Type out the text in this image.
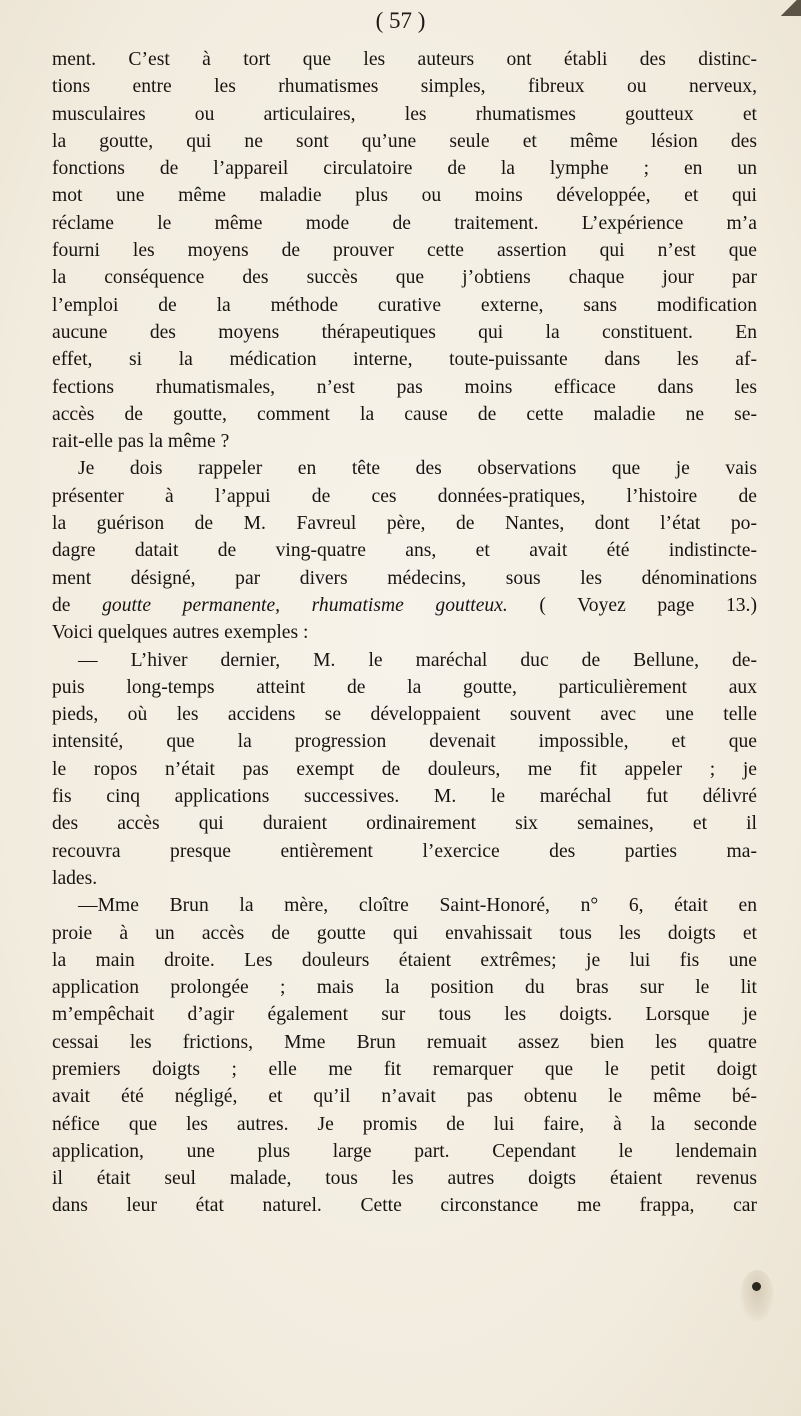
( 57 )
ment. C’est à tort que les auteurs ont établi des distinc-
tions entre les rhumatismes simples, fibreux ou nerveux,
musculaires ou articulaires, les rhumatismes goutteux et
la goutte, qui ne sont qu’une seule et même lésion des
fonctions de l’appareil circulatoire de la lymphe ; en un
mot une même maladie plus ou moins développée, et qui
réclame le même mode de traitement. L’expérience m’a
fourni les moyens de prouver cette assertion qui n’est que
la conséquence des succès que j’obtiens chaque jour par
l’emploi de la méthode curative externe, sans modification
aucune des moyens thérapeutiques qui la constituent. En
effet, si la médication interne, toute-puissante dans les af-
fections rhumatismales, n’est pas moins efficace dans les
accès de goutte, comment la cause de cette maladie ne se-
rait-elle pas la même ?
Je dois rappeler en tête des observations que je vais
présenter à l’appui de ces données-pratiques, l’histoire de
la guérison de M. Favreul père, de Nantes, dont l’état po-
dagre datait de ving-quatre ans, et avait été indistincte-
ment désigné, par divers médecins, sous les dénominations
de goutte permanente, rhumatisme goutteux. ( Voyez page 13.)
Voici quelques autres exemples :
— L’hiver dernier, M. le maréchal duc de Bellune, de-
puis long-temps atteint de la goutte, particulièrement aux
pieds, où les accidens se développaient souvent avec une telle
intensité, que la progression devenait impossible, et que
le ropos n’était pas exempt de douleurs, me fit appeler ; je
fis cinq applications successives. M. le maréchal fut délivré
des accès qui duraient ordinairement six semaines, et il
recouvra presque entièrement l’exercice des parties ma-
lades.
—Mme Brun la mère, cloître Saint-Honoré, n° 6, était en
proie à un accès de goutte qui envahissait tous les doigts et
la main droite. Les douleurs étaient extrêmes; je lui fis une
application prolongée ; mais la position du bras sur le lit
m’empêchait d’agir également sur tous les doigts. Lorsque je
cessai les frictions, Mme Brun remuait assez bien les quatre
premiers doigts ; elle me fit remarquer que le petit doigt
avait été négligé, et qu’il n’avait pas obtenu le même bé-
néfice que les autres. Je promis de lui faire, à la seconde
application, une plus large part. Cependant le lendemain
il était seul malade, tous les autres doigts étaient revenus
dans leur état naturel. Cette circonstance me frappa, car
